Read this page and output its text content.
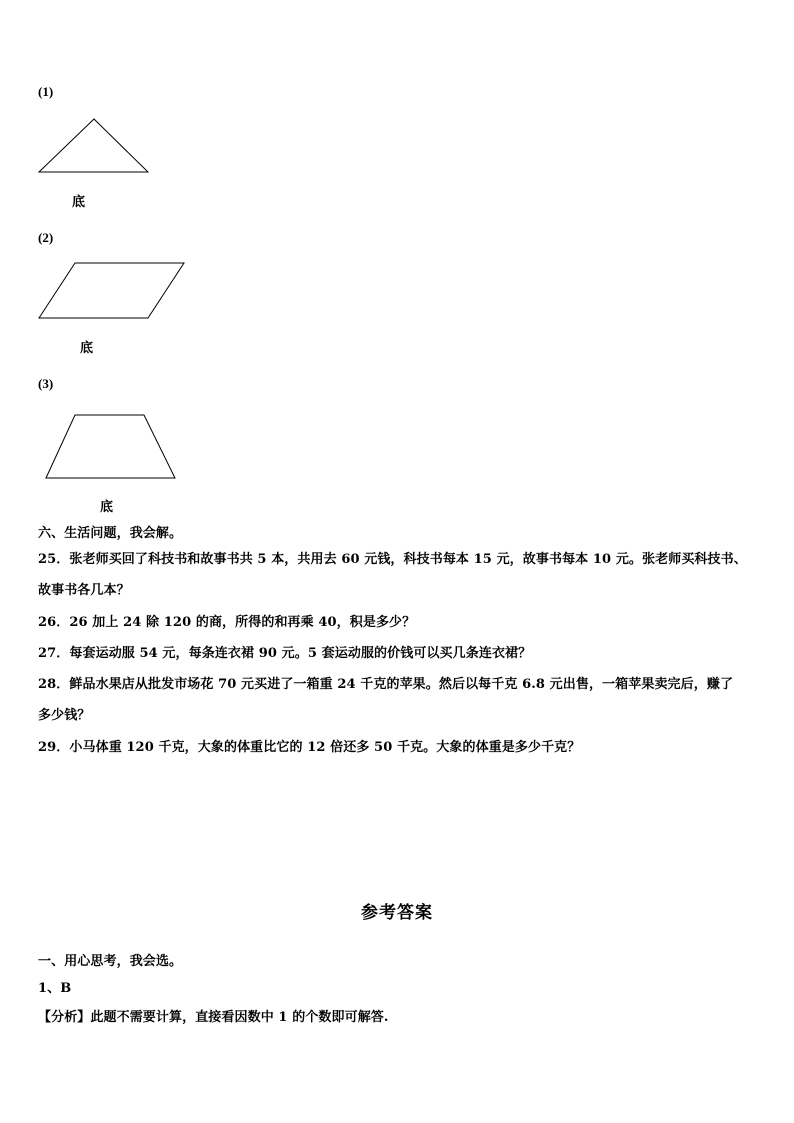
(1)
底
(2)
底
(3)
底
六、生活问题，我会解。
25．张老师买回了科技书和故事书共 5 本，共用去 60 元钱，科技书每本 15 元，故事书每本 10 元。张老师买科技书、
故事书各几本？
26．26 加上 24 除 120 的商，所得的和再乘 40，积是多少？
27．每套运动服 54 元，每条连衣裙 90 元。5 套运动服的价钱可以买几条连衣裙？
28．鲜品水果店从批发市场花 70 元买进了一箱重 24 千克的苹果。然后以每千克 6.8 元出售，一箱苹果卖完后，赚了
多少钱？
29．小马体重 120 千克，大象的体重比它的 12 倍还多 50 千克。大象的体重是多少千克？
参考答案
一、用心思考，我会选。
1、B
【分析】此题不需要计算，直接看因数中 1 的个数即可解答.
